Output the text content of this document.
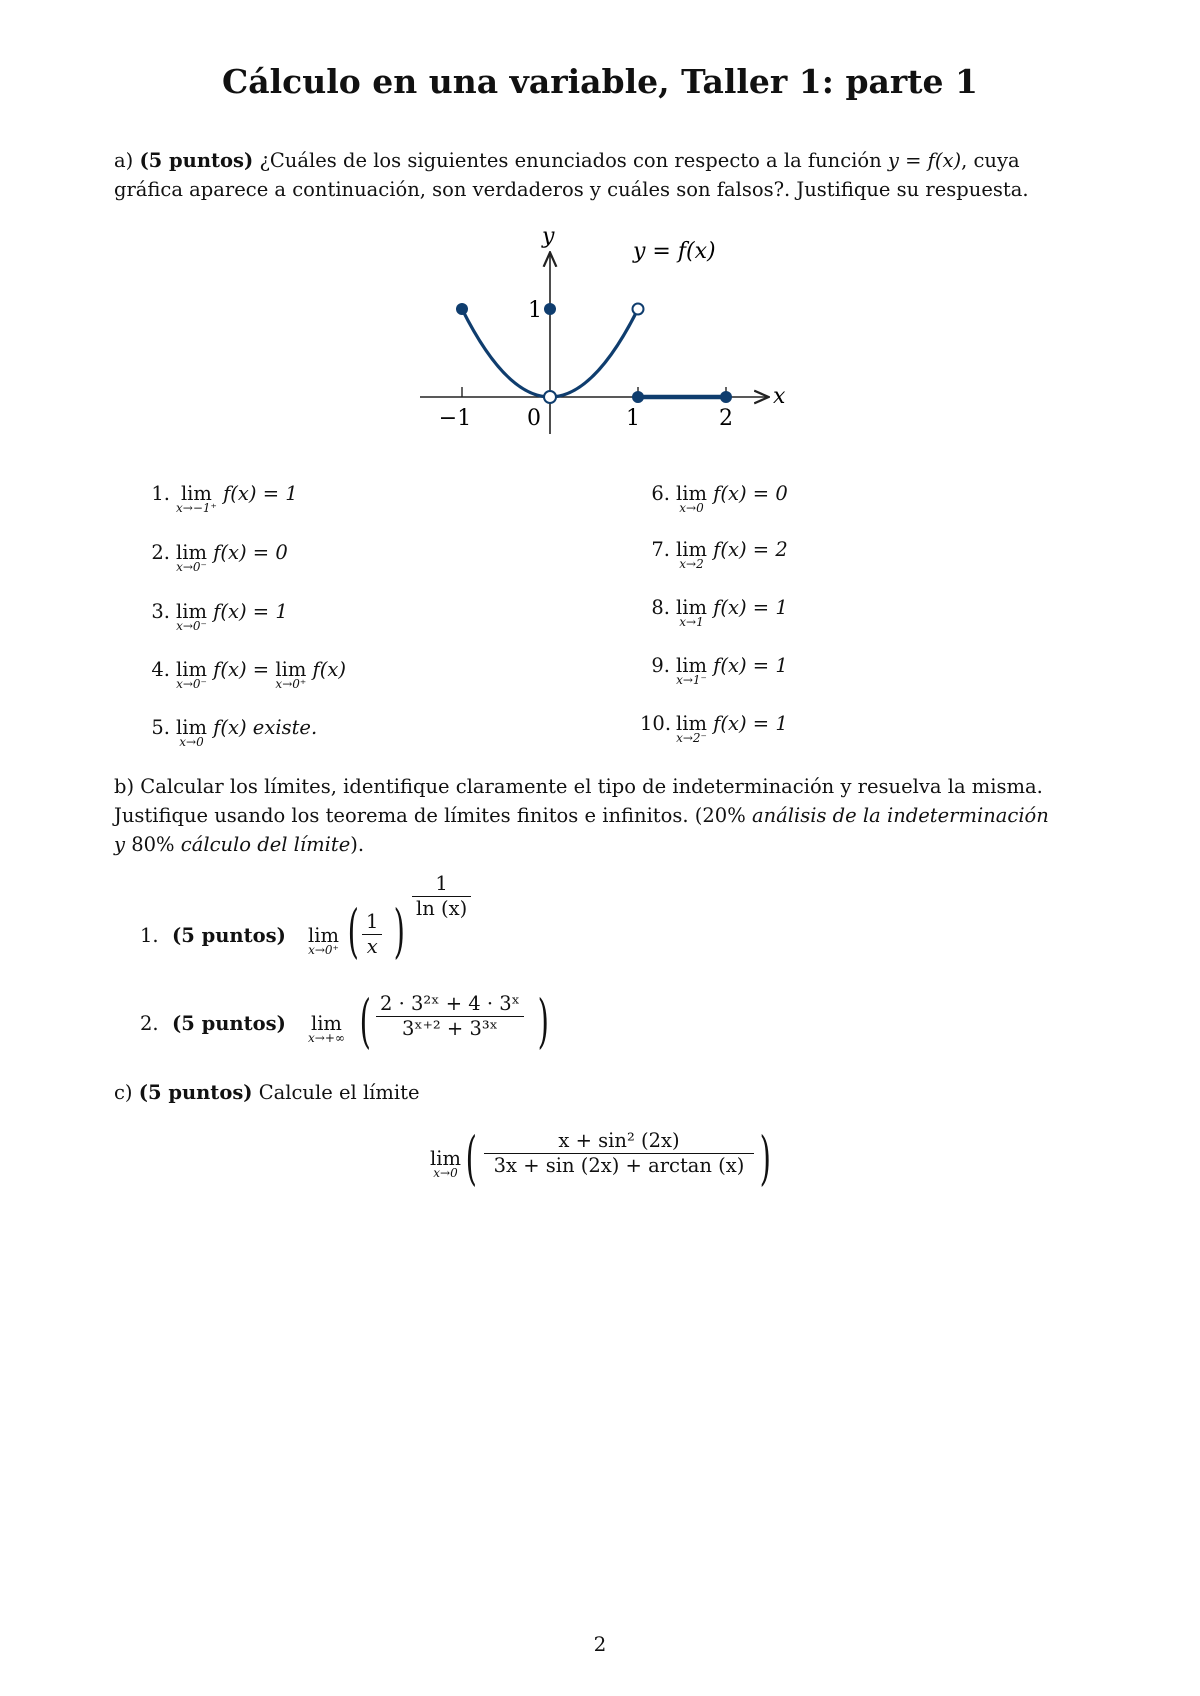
Cálculo en una variable, Taller 1: parte 1
a) (5 puntos) ¿Cuáles de los siguientes enunciados con respecto a la función y = f(x), cuya
gráfica aparece a continuación, son verdaderos y cuáles son falsos?. Justifique su respuesta.
y
x
y = f(x)
1
−1	0	1	2
1. lim
x→−1⁺
f(x) = 1
2. lim
x→0⁻
f(x) = 0
3. lim
x→0⁻
f(x) = 1
4. lim
x→0⁻
f(x) = lim
x→0⁺
f(x)
5. lim
x→0
f(x) existe.
6. lim
x→0
f(x) = 0
7. lim
x→2
f(x) = 2
8. lim
x→1
f(x) = 1
9. lim
x→1⁻
f(x) = 1
10. lim
x→2⁻
f(x) = 1
b) Calcular los límites, identifique claramente el tipo de indeterminación y resuelva la misma.
Justifique usando los teorema de límites finitos e infinitos. (20% análisis de la indeterminación
y 80% cálculo del límite).
1. (5 puntos) lim
x→0⁺ ( $\frac{1}{x}$ )
$\frac{1}{\ln (x)}$
2. (5 puntos) lim
x→+∞ ( $\frac{\text{2 · 3²ˣ + 4 · 3ˣ}}{\text{3ˣ⁺² + 3³ˣ}}$ )
c) (5 puntos) Calcule el límite
lim
x→0 ( $\frac{\text{x + sin² (2x)}}{3x + \sin (2x) + \arctan (x)}$ )
2
